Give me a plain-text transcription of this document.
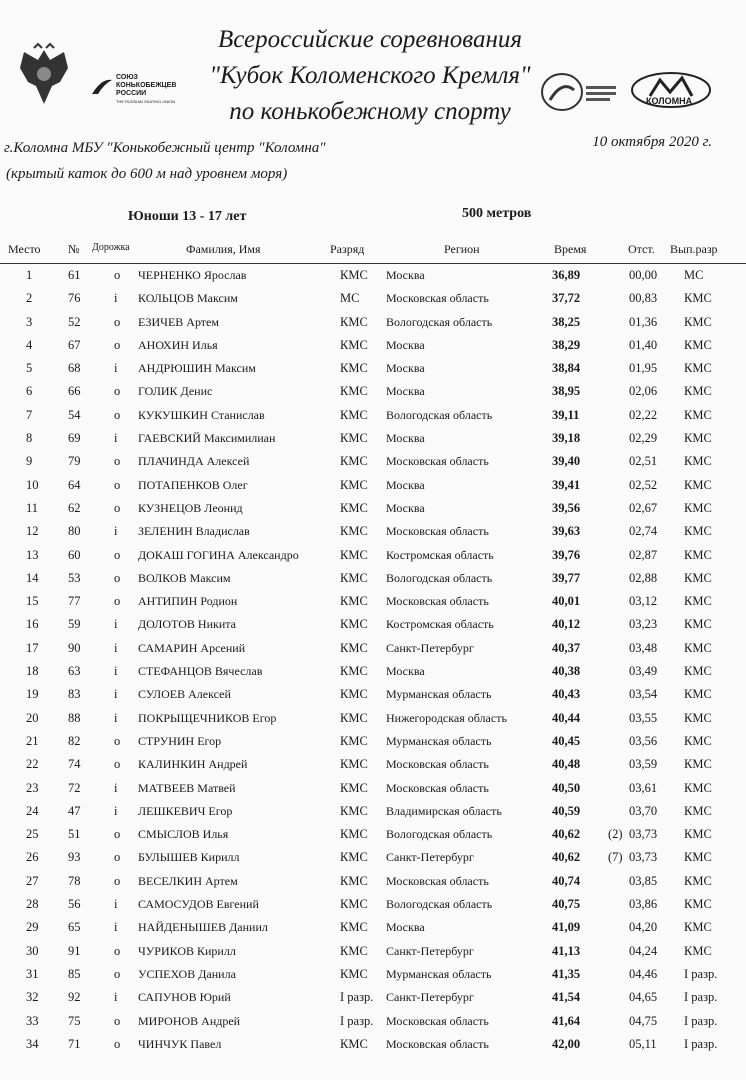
Всероссийские соревнования
"Кубок Коломенского Кремля"
по конькобежному спорту
СОЮЗ КОНЬКОБЕЖЦЕВ РОССИИ
THE RUSSIAN SKATING UNION	КОЛОМНА
г.Коломна МБУ "Конькобежный центр "Коломна"	10 октября 2020 г.
(крытый каток до 600 м над уровнем моря)
Юноши 13 - 17 лет	500 метров
Место № Дорожка	Фамилия, Имя	Разряд	Регион	Время	Отст. Вып.разр
1	61	o ЧЕРНЕНКО Ярослав	КМС Москва	36,89	00,00 МС
2	76	i КОЛЬЦОВ Максим	МС Московская область	37,72	00,83 КМС
3	52	o ЕЗИЧЕВ Артем	КМС Вологодская область	38,25	01,36 КМС
4	67	o АНОХИН Илья	КМС Москва	38,29	01,40 КМС
5	68	i АНДРЮШИН Максим	КМС Москва	38,84	01,95 КМС
6	66	o ГОЛИК Денис	КМС Москва	38,95	02,06 КМС
7	54	o КУКУШКИН Станислав	КМС Вологодская область	39,11	02,22 КМС
8	69	i ГАЕВСКИЙ Максимилиан	КМС Москва	39,18	02,29 КМС
9	79	o ПЛАЧИНДА Алексей	КМС Московская область	39,40	02,51 КМС
10 64	o ПОТАПЕНКОВ Олег	КМС Москва	39,41	02,52 КМС
11 62	o КУЗНЕЦОВ Леонид	КМС Москва	39,56	02,67 КМС
12 80	i ЗЕЛЕНИН Владислав	КМС Московская область	39,63	02,74 КМС
13 60	o ДОКАШ ГОГИНА Александро	КМС Костромская область	39,76	02,87 КМС
14 53	o ВОЛКОВ Максим	КМС Вологодская область	39,77	02,88 КМС
15 77	o АНТИПИН Родион	КМС Московская область	40,01	03,12 КМС
16 59	i ДОЛОТОВ Никита	КМС Костромская область	40,12	03,23 КМС
17 90	i САМАРИН Арсений	КМС Санкт-Петербург	40,37	03,48 КМС
18 63	i СТЕФАНЦОВ Вячеслав	КМС Москва	40,38	03,49 КМС
19 83	i СУЛОЕВ Алексей	КМС Мурманская область	40,43	03,54 КМС
20 88	i ПОКРЫЩЕЧНИКОВ Егор	КМС Нижегородская область	40,44	03,55 КМС
21 82	o СТРУНИН Егор	КМС Мурманская область	40,45	03,56 КМС
22 74	o КАЛИНКИН Андрей	КМС Московская область	40,48	03,59 КМС
23 72	i МАТВЕЕВ Матвей	КМС Московская область	40,50	03,61 КМС
24 47	i ЛЕШКЕВИЧ Егор	КМС Владимирская область	40,59	03,70 КМС
25 51	o СМЫСЛОВ Илья	КМС Вологодская область	40,62 (2) 03,73 КМС
26 93	o БУЛЫШЕВ Кирилл	КМС Санкт-Петербург	40,62 (7) 03,73 КМС
27 78	o ВЕСЕЛКИН Артем	КМС Московская область	40,74	03,85 КМС
28 56	i САМОСУДОВ Евгений	КМС Вологодская область	40,75	03,86 КМС
29 65	i НАЙДЕНЫШЕВ Даниил	КМС Москва	41,09	04,20 КМС
30 91	o ЧУРИКОВ Кирилл	КМС Санкт-Петербург	41,13	04,24 КМС
31 85	o УСПЕХОВ Данила	КМС Мурманская область	41,35	04,46 I разр.
32 92	i САПУНОВ Юрий	I разр. Санкт-Петербург	41,54	04,65 I разр.
33 75	o МИРОНОВ Андрей	I разр. Московская область	41,64	04,75 I разр.
34 71	o ЧИНЧУК Павел	КМС Московская область	42,00	05,11 I разр.
